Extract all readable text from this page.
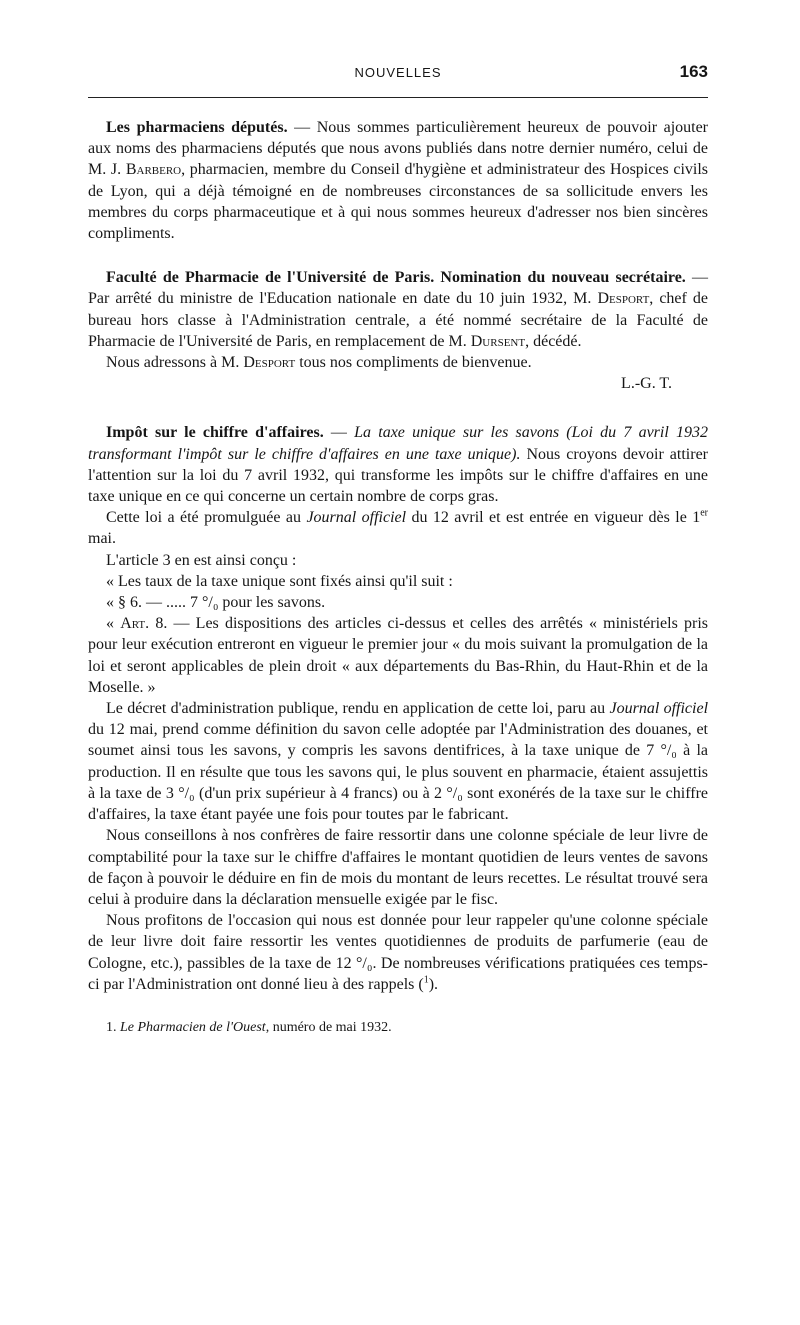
NOUVELLES	163

Les pharmaciens députés. — Nous sommes particulièrement heureux de pouvoir ajouter aux noms des pharmaciens députés que nous avons publiés dans notre dernier numéro, celui de M. J. Barbero, pharmacien, membre du Conseil d'hygiène et administrateur des Hospices civils de Lyon, qui a déjà témoigné en de nombreuses circonstances de sa sollicitude envers les membres du corps pharmaceutique et à qui nous sommes heureux d'adresser nos bien sincères compliments.

Faculté de Pharmacie de l'Université de Paris. Nomination du nouveau secrétaire. — Par arrêté du ministre de l'Education nationale en date du 10 juin 1932, M. Desport, chef de bureau hors classe à l'Administration centrale, a été nommé secrétaire de la Faculté de Pharmacie de l'Université de Paris, en remplacement de M. Dursent, décédé.

Nous adressons à M. Desport tous nos compliments de bienvenue.

L.-G. T.

Impôt sur le chiffre d'affaires. — La taxe unique sur les savons (Loi du 7 avril 1932 transformant l'impôt sur le chiffre d'affaires en une taxe unique). Nous croyons devoir attirer l'attention sur la loi du 7 avril 1932, qui transforme les impôts sur le chiffre d'affaires en une taxe unique en ce qui concerne un certain nombre de corps gras.

Cette loi a été promulguée au Journal officiel du 12 avril et est entrée en vigueur dès le 1er mai.

L'article 3 en est ainsi conçu :

« Les taux de la taxe unique sont fixés ainsi qu'il suit :

« § 6. — ..... 7 °/₀ pour les savons.

« Art. 8. — Les dispositions des articles ci-dessus et celles des arrêtés « ministériels pris pour leur exécution entreront en vigueur le premier jour « du mois suivant la promulgation de la loi et seront applicables de plein droit « aux départements du Bas-Rhin, du Haut-Rhin et de la Moselle. »

Le décret d'administration publique, rendu en application de cette loi, paru au Journal officiel du 12 mai, prend comme définition du savon celle adoptée par l'Administration des douanes, et soumet ainsi tous les savons, y compris les savons dentifrices, à la taxe unique de 7 °/₀ à la production. Il en résulte que tous les savons qui, le plus souvent en pharmacie, étaient assujettis à la taxe de 3 °/₀ (d'un prix supérieur à 4 francs) ou à 2 °/₀ sont exonérés de la taxe sur le chiffre d'affaires, la taxe étant payée une fois pour toutes par le fabricant.

Nous conseillons à nos confrères de faire ressortir dans une colonne spéciale de leur livre de comptabilité pour la taxe sur le chiffre d'affaires le montant quotidien de leurs ventes de savons de façon à pouvoir le déduire en fin de mois du montant de leurs recettes. Le résultat trouvé sera celui à produire dans la déclaration mensuelle exigée par le fisc.

Nous profitons de l'occasion qui nous est donnée pour leur rappeler qu'une colonne spéciale de leur livre doit faire ressortir les ventes quotidiennes de produits de parfumerie (eau de Cologne, etc.), passibles de la taxe de 12 °/₀. De nombreuses vérifications pratiquées ces temps-ci par l'Administration ont donné lieu à des rappels ($^1$).

1. Le Pharmacien de l'Ouest, numéro de mai 1932.
